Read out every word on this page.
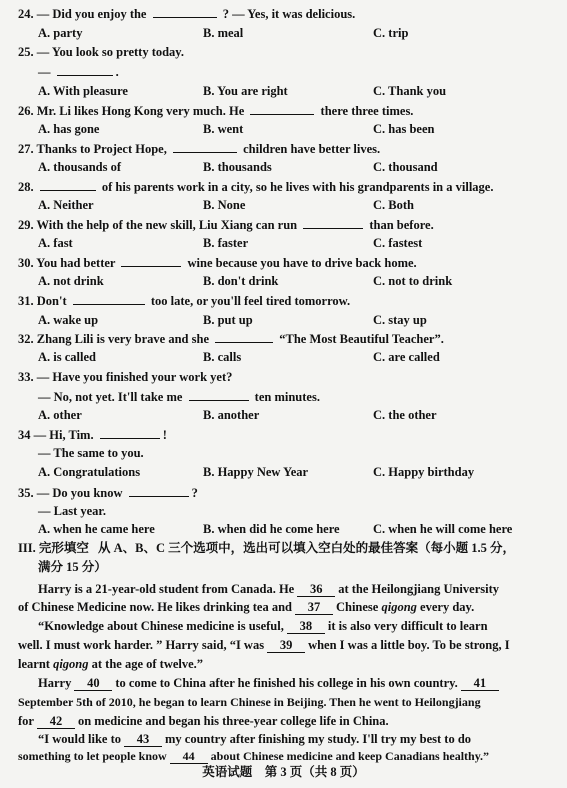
24. — Did you enjoy the	? — Yes, it was delicious.
A. party	B. meal	C. trip
25. — You look so pretty today.
—	.
A. With pleasure	B. You are right	C. Thank you
26. Mr. Li likes Hong Kong very much. He	there three times.
A. has gone	B. went	C. has been
27. Thanks to Project Hope,	children have better lives.
A. thousands of	B. thousands	C. thousand
28.	of his parents work in a city, so he lives with his grandparents in a village.
A. Neither	B. None	C. Both
29. With the help of the new skill, Liu Xiang can run	than before.
A. fast	B. faster	C. fastest
30. You had better	wine because you have to drive back home.
A. not drink	B. don't drink	C. not to drink
31. Don't	too late, or you'll feel tired tomorrow.
A. wake up	B. put up	C. stay up
32. Zhang Lili is very brave and she	“The Most Beautiful Teacher”.
A. is called	B. calls	C. are called
33. — Have you finished your work yet?
— No, not yet. It'll take me	ten minutes.
A. other	B. another	C. the other
34 — Hi, Tim.	!
— The same to you.
A. Congratulations	B. Happy New Year	C. Happy birthday
35. — Do you know	?
— Last year.
A. when he came here	B. when did he come here	C. when he will come here
III. 完形填空 从 A、B、C 三个选项中，选出可以填入空白处的最佳答案（每小题 1.5 分，
满分 15 分）
Harry is a 21-year-old student from Canada. He 36 at the Heilongjiang University
of Chinese Medicine now. He likes drinking tea and 37 Chinese qigong every day.
“Knowledge about Chinese medicine is useful, 38 it is also very difficult to learn
well. I must work harder. ” Harry said, “I was 39 when I was a little boy. To be strong, I
learnt qigong at the age of twelve.”
Harry 40 to come to China after he finished his college in his own country. 41
September 5th of 2010, he began to learn Chinese in Beijing. Then he went to Heilongjiang
for 42 on medicine and began his three-year college life in China.
“I would like to 43 my country after finishing my study. I'll try my best to do
something to let people know 44 about Chinese medicine and keep Canadians healthy.”
英语试题　第 3 页（共 8 页）
